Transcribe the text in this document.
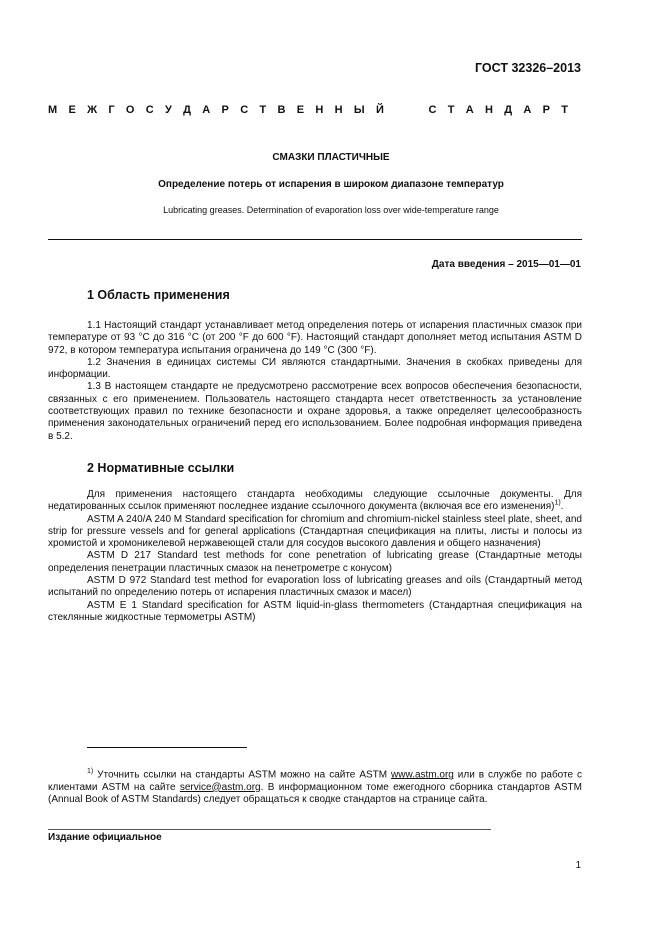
ГОСТ 32326–2013
М Е Ж Г О С У Д А Р С Т В Е Н Н Ы Й	С Т А Н Д А Р Т
СМАЗКИ ПЛАСТИЧНЫЕ
Определение потерь от испарения в широком диапазоне температур
Lubricating greases. Determination of evaporation loss over wide-temperature range
Дата введения – 2015—01—01
1 Область применения

1.1 Настоящий стандарт устанавливает метод определения потерь от испарения пластичных смазок при температуре от 93 °С до 316 °С (от 200 °F до 600 °F). Настоящий стандарт дополняет метод испытания ASTM D 972, в котором температура испытания ограничена до 149 °С (300 °F).

1.2 Значения в единицах системы СИ являются стандартными. Значения в скобках приведены для информации.

1.3 В настоящем стандарте не предусмотрено рассмотрение всех вопросов обеспечения безопасности, связанных с его применением. Пользователь настоящего стандарта несет ответственность за установление соответствующих правил по технике безопасности и охране здоровья, а также определяет целесообразность применения законодательных ограничений перед его использованием. Более подробная информация приведена в 5.2.

2 Нормативные ссылки

Для применения настоящего стандарта необходимы следующие ссылочные документы. Для недатированных ссылок применяют последнее издание ссылочного документа (включая все его изменения)$^{1)}$.

ASTM A 240/A 240 M Standard specification for chromium and chromium-nickel stainless steel plate, sheet, and strip for pressure vessels and for general applications (Стандартная спецификация на плиты, листы и полосы из хромистой и хромоникелевой нержавеющей стали для сосудов высокого давления и общего назначения)

ASTM D 217 Standard test methods for cone penetration of lubricating grease (Стандартные методы определения пенетрации пластичных смазок на пенетрометре с конусом)

ASTM D 972 Standard test method for evaporation loss of lubricating greases and oils (Стандартный метод испытаний по определению потерь от испарения пластичных смазок и масел)

ASTM E 1 Standard specification for ASTM liquid-in-glass thermometers (Стандартная спецификация на стеклянные жидкостные термометры ASTM)

$^{1)}$ Уточнить ссылки на стандарты ASTM можно на сайте ASTM www.astm.org или в службе по работе с клиентами ASTM на сайте service@astm.org. В информационном томе ежегодного сборника стандартов ASTM (Annual Book of ASTM Standards) следует обращаться к сводке стандартов на странице сайта.

Издание официальное
1
